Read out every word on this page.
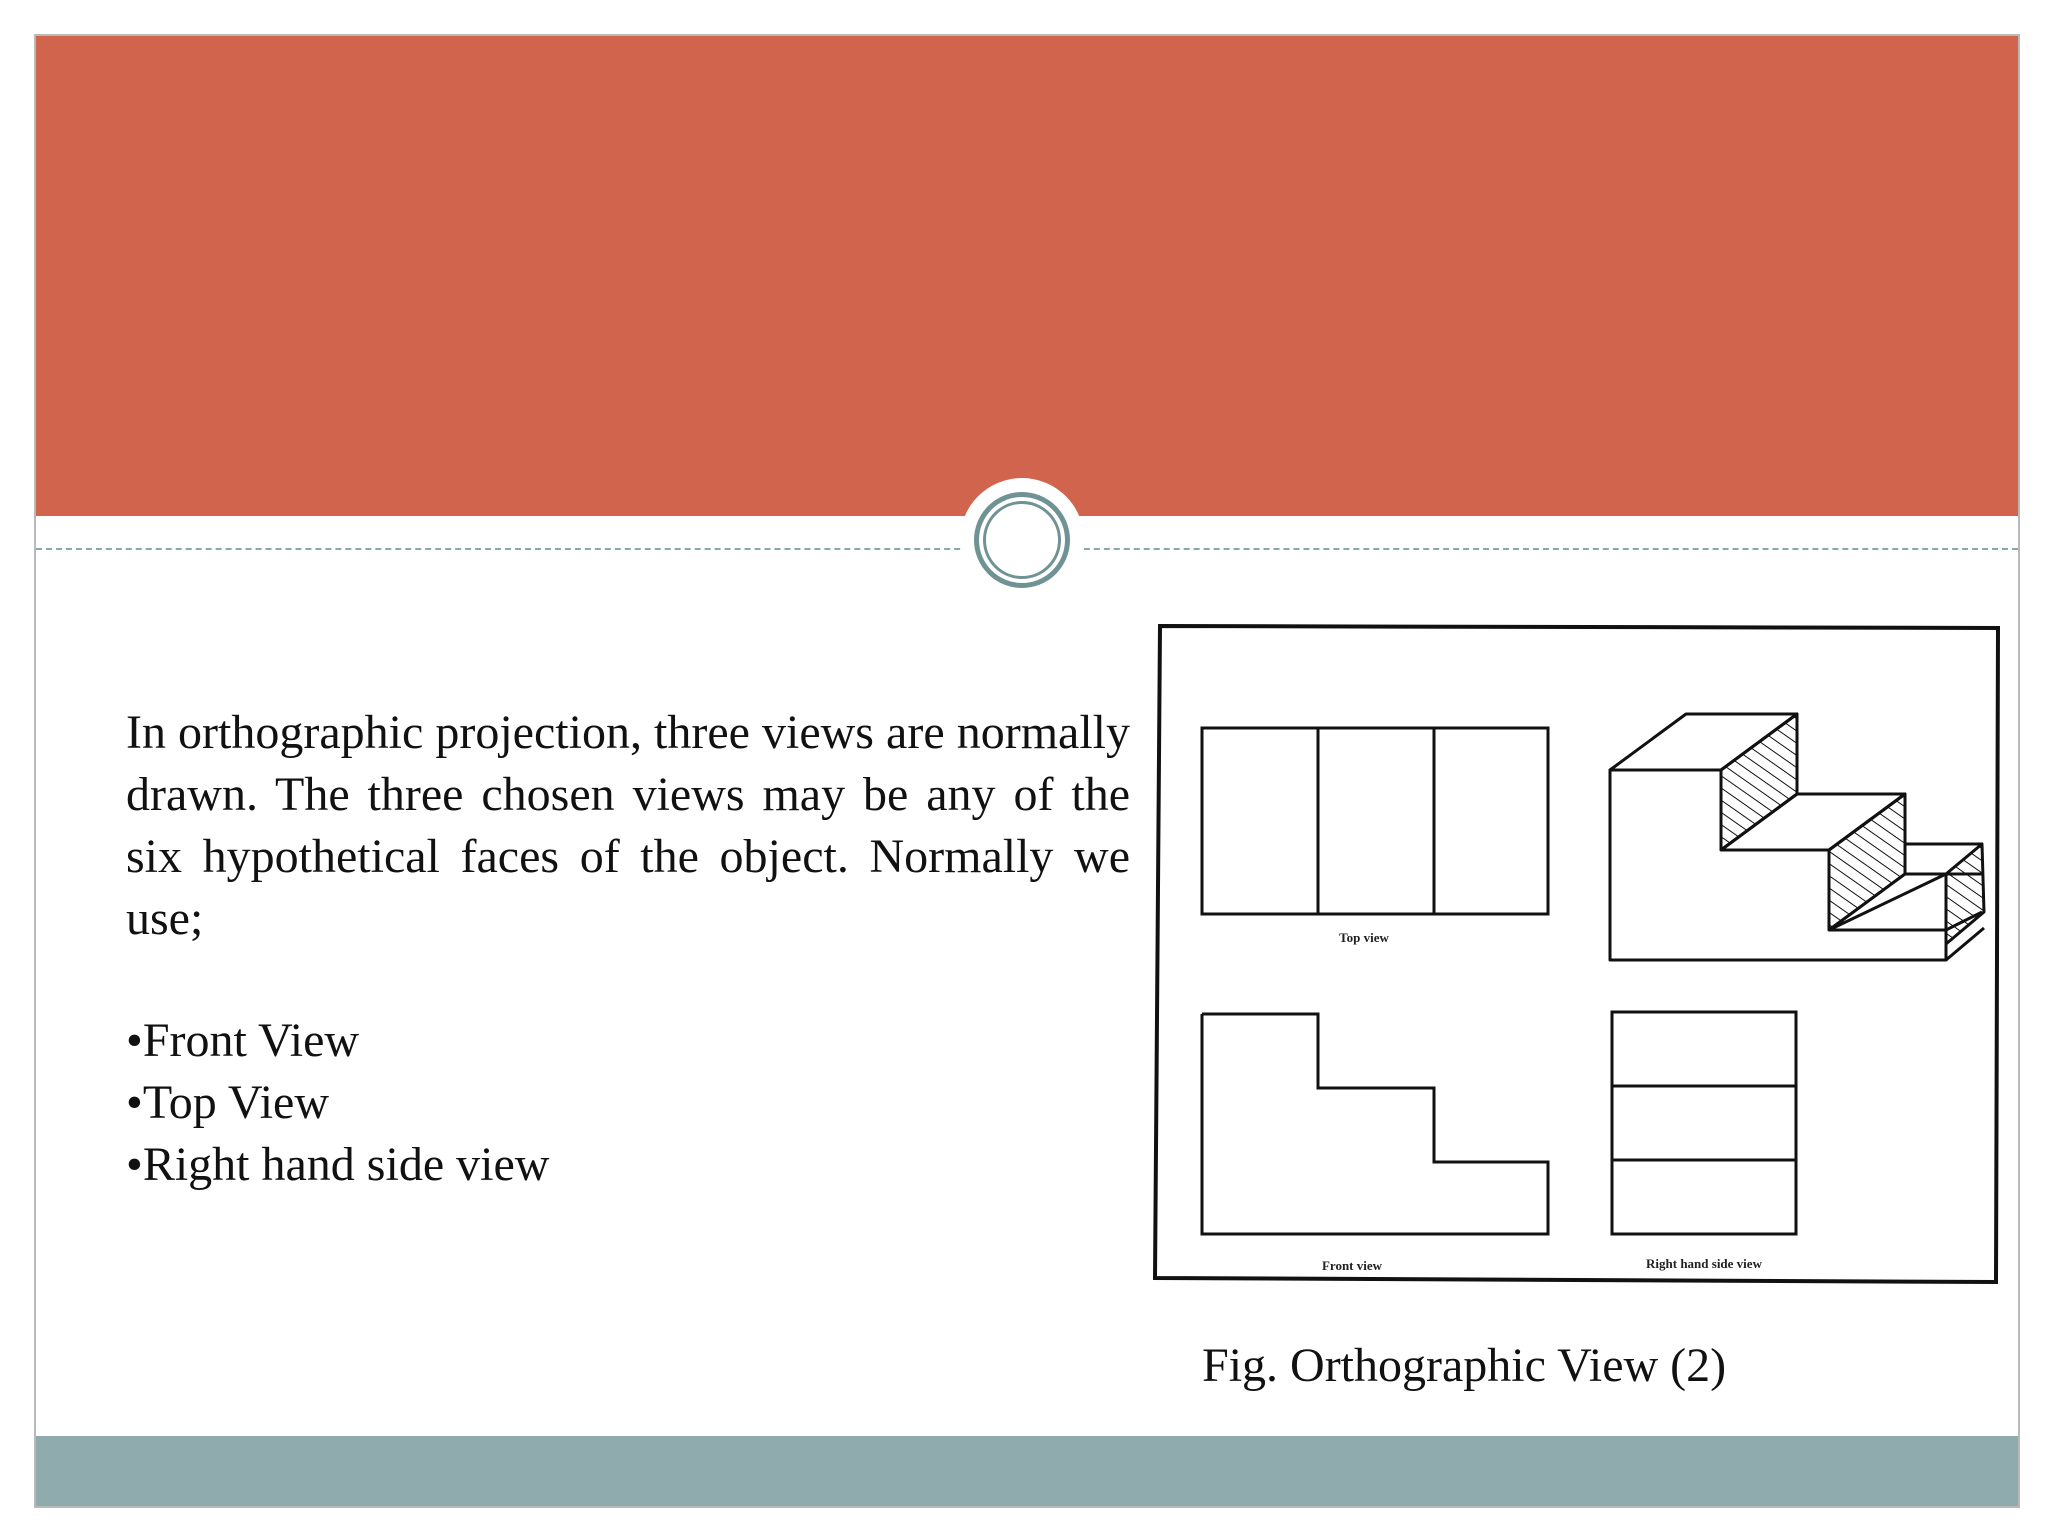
In orthographic projection, three views are normally drawn. The three chosen views may be any of the six hypothetical faces of the object. Normally we use;

• Front View
• Top View
• Right hand side view
Top view
Front view	Right hand side view
Fig. Orthographic View (2)
